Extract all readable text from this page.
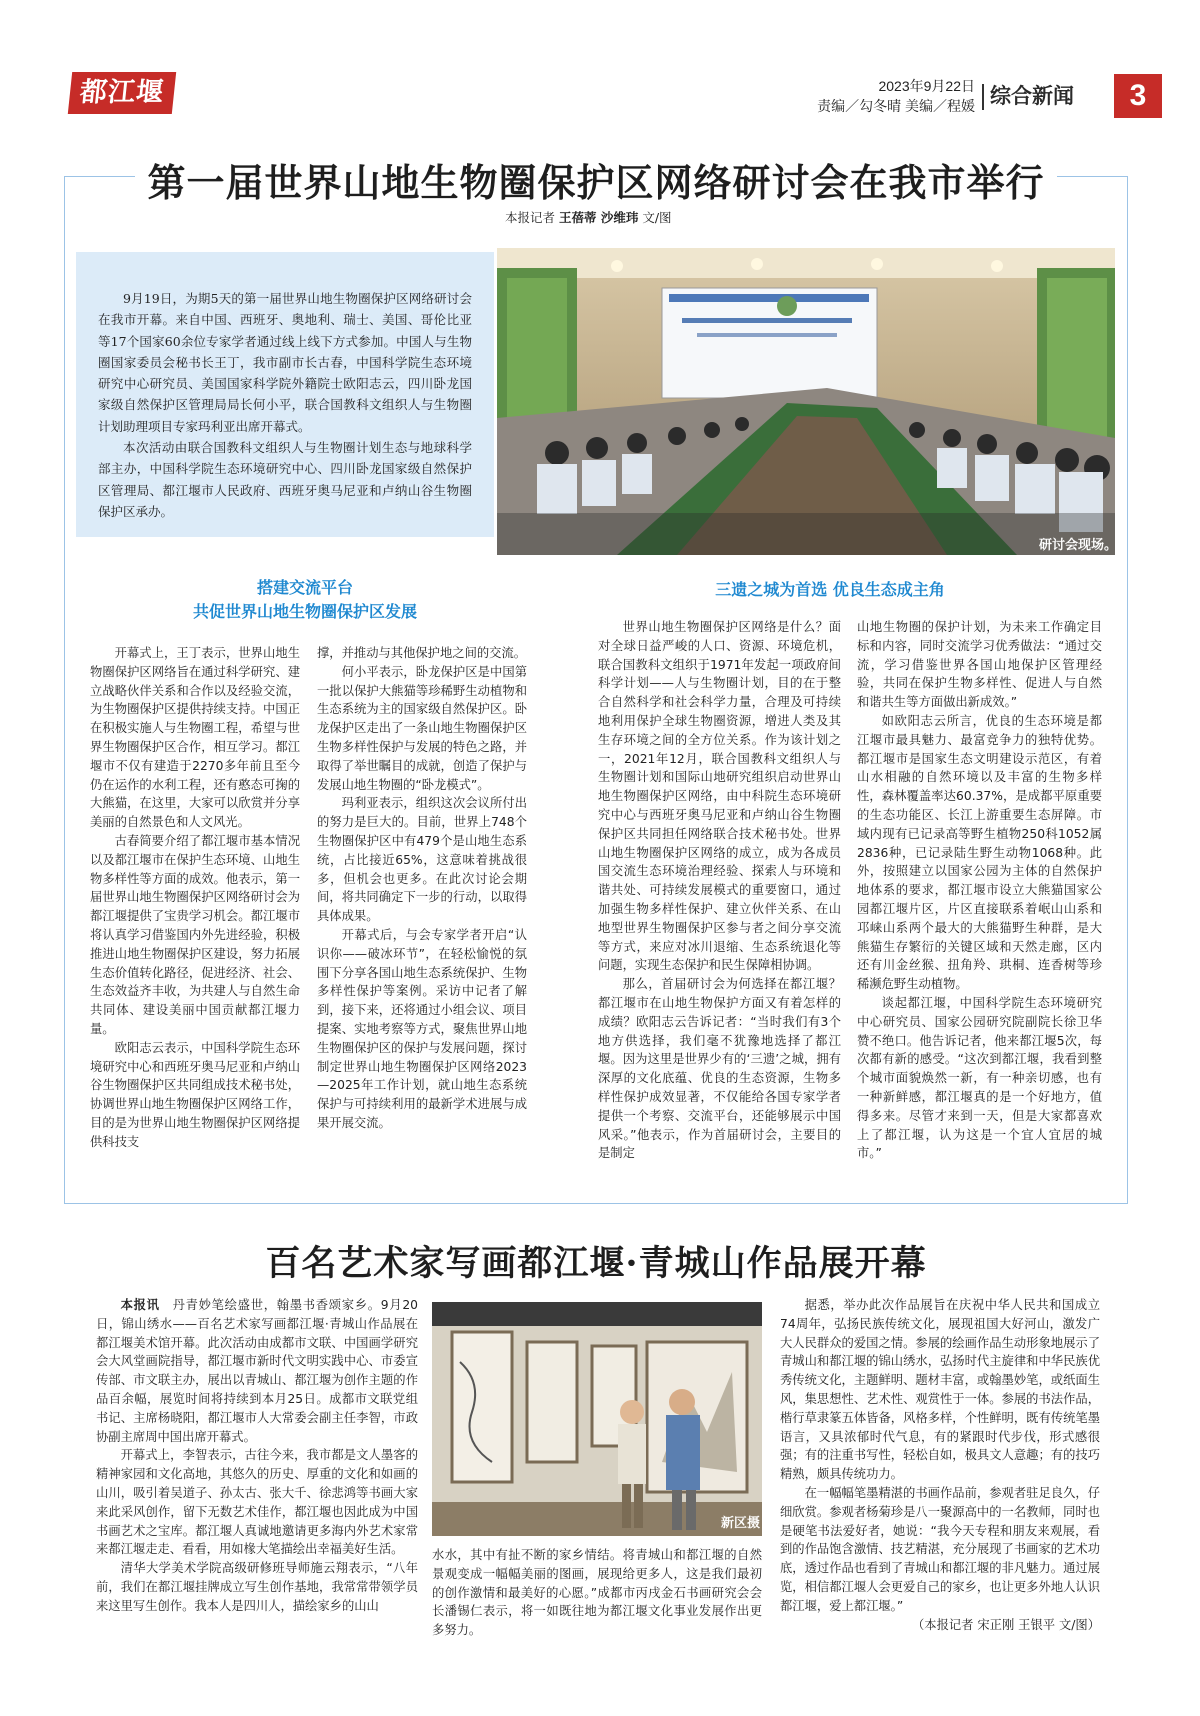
都江堰报
2023年9月22日
责编／勾冬晴 美编／程媛 综合新闻	3
第一届世界山地生物圈保护区网络研讨会在我市举行
本报记者 王蓓蒂 沙维玮 文/图

9月19日，为期5天的第一届世界山地生物圈保护区网络研讨会在我市开幕。来自中国、西班牙、奥地利、瑞士、美国、哥伦比亚等17个国家60余位专家学者通过线上线下方式参加。中国人与生物圈国家委员会秘书长王丁，我市副市长古春，中国科学院生态环境研究中心研究员、美国国家科学院外籍院士欧阳志云，四川卧龙国家级自然保护区管理局局长何小平，联合国教科文组织人与生物圈计划助理项目专家玛利亚出席开幕式。

本次活动由联合国教科文组织人与生物圈计划生态与地球科学部主办，中国科学院生态环境研究中心、四川卧龙国家级自然保护区管理局、都江堰市人民政府、西班牙奥马尼亚和卢纳山谷生物圈保护区承办。

研讨会现场。
搭建交流平台
共促世界山地生物圈保护区发展
三遗之城为首选 优良生态成主角

开幕式上，王丁表示，世界山地生物圈保护区网络旨在通过科学研究、建立战略伙伴关系和合作以及经验交流，为生物圈保护区提供持续支持。中国正在积极实施人与生物圈工程，希望与世界生物圈保护区合作，相互学习。都江堰市不仅有建造于2270多年前且至今仍在运作的水利工程，还有憨态可掬的大熊猫，在这里，大家可以欣赏并分享美丽的自然景色和人文风光。

古春简要介绍了都江堰市基本情况以及都江堰市在保护生态环境、山地生物多样性等方面的成效。他表示，第一届世界山地生物圈保护区网络研讨会为都江堰提供了宝贵学习机会。都江堰市将认真学习借鉴国内外先进经验，积极推进山地生物圈保护区建设，努力拓展生态价值转化路径，促进经济、社会、生态效益齐丰收，为共建人与自然生命共同体、建设美丽中国贡献都江堰力量。

欧阳志云表示，中国科学院生态环境研究中心和西班牙奥马尼亚和卢纳山谷生物圈保护区共同组成技术秘书处，协调世界山地生物圈保护区网络工作，目的是为世界山地生物圈保护区网络提供科技支

撑，并推动与其他保护地之间的交流。

何小平表示，卧龙保护区是中国第一批以保护大熊猫等珍稀野生动植物和生态系统为主的国家级自然保护区。卧龙保护区走出了一条山地生物圈保护区生物多样性保护与发展的特色之路，并取得了举世瞩目的成就，创造了保护与发展山地生物圈的“卧龙模式”。

玛利亚表示，组织这次会议所付出的努力是巨大的。目前，世界上748个生物圈保护区中有479个是山地生态系统，占比接近65%，这意味着挑战很多，但机会也更多。在此次讨论会期间，将共同确定下一步的行动，以取得具体成果。

开幕式后，与会专家学者开启“认识你——破冰环节”，在轻松愉悦的氛围下分享各国山地生态系统保护、生物多样性保护等案例。采访中记者了解到，接下来，还将通过小组会议、项目提案、实地考察等方式，聚焦世界山地生物圈保护区的保护与发展问题，探讨制定世界山地生物圈保护区网络2023—2025年工作计划，就山地生态系统保护与可持续利用的最新学术进展与成果开展交流。

世界山地生物圈保护区网络是什么？面对全球日益严峻的人口、资源、环境危机，联合国教科文组织于1971年发起一项政府间科学计划——人与生物圈计划，目的在于整合自然科学和社会科学力量，合理及可持续地利用保护全球生物圈资源，增进人类及其生存环境之间的全方位关系。作为该计划之一，2021年12月，联合国教科文组织人与生物圈计划和国际山地研究组织启动世界山地生物圈保护区网络，由中科院生态环境研究中心与西班牙奥马尼亚和卢纳山谷生物圈保护区共同担任网络联合技术秘书处。世界山地生物圈保护区网络的成立，成为各成员国交流生态环境治理经验、探索人与环境和谐共处、可持续发展模式的重要窗口，通过加强生物多样性保护、建立伙伴关系、在山地型世界生物圈保护区参与者之间分享交流等方式，来应对冰川退缩、生态系统退化等问题，实现生态保护和民生保障相协调。

那么，首届研讨会为何选择在都江堰？都江堰市在山地生物保护方面又有着怎样的成绩？欧阳志云告诉记者：“当时我们有3个地方供选择，我们毫不犹豫地选择了都江堰。因为这里是世界少有的‘三遗’之城，拥有深厚的文化底蕴、优良的生态资源，生物多样性保护成效显著，不仅能给各国专家学者提供一个考察、交流平台，还能够展示中国风采。”他表示，作为首届研讨会，主要目的是制定

山地生物圈的保护计划，为未来工作确定目标和内容，同时交流学习优秀做法：“通过交流，学习借鉴世界各国山地保护区管理经验，共同在保护生物多样性、促进人与自然和谐共生等方面做出新成效。”

如欧阳志云所言，优良的生态环境是都江堰市最具魅力、最富竞争力的独特优势。都江堰市是国家生态文明建设示范区，有着山水相融的自然环境以及丰富的生物多样性，森林覆盖率达60.37%，是成都平原重要的生态功能区、长江上游重要生态屏障。市域内现有已记录高等野生植物250科1052属2836种，已记录陆生野生动物1068种。此外，按照建立以国家公园为主体的自然保护地体系的要求，都江堰市设立大熊猫国家公园都江堰片区，片区直接联系着岷山山系和邛崃山系两个最大的大熊猫野生种群，是大熊猫生存繁衍的关键区域和天然走廊，区内还有川金丝猴、扭角羚、珙桐、连香树等珍稀濒危野生动植物。

谈起都江堰，中国科学院生态环境研究中心研究员、国家公园研究院副院长徐卫华赞不绝口。他告诉记者，他来都江堰5次，每次都有新的感受。“这次到都江堰，我看到整个城市面貌焕然一新，有一种亲切感，也有一种新鲜感，都江堰真的是一个好地方，值得多来。尽管才来到一天，但是大家都喜欢上了都江堰，认为这是一个宜人宜居的城市。”

百名艺术家写画都江堰·青城山作品展开幕

本报讯　 丹青妙笔绘盛世，翰墨书香颂家乡。9月20日，锦山绣水——百名艺术家写画都江堰·青城山作品展在都江堰美术馆开幕。此次活动由成都市文联、中国画学研究会大风堂画院指导，都江堰市新时代文明实践中心、市委宣传部、市文联主办，展出以青城山、都江堰为创作主题的作品百余幅，展览时间将持续到本月25日。成都市文联党组书记、主席杨晓阳，都江堰市人大常委会副主任李智，市政协副主席周中国出席开幕式。

开幕式上，李智表示，古往今来，我市都是文人墨客的精神家园和文化高地，其悠久的历史、厚重的文化和如画的山川，吸引着吴道子、孙太古、张大千、徐悲鸿等书画大家来此采风创作，留下无数艺术佳作，都江堰也因此成为中国书画艺术之宝库。都江堰人真诚地邀请更多海内外艺术家常来都江堰走走、看看，用如椽大笔描绘出幸福美好生活。

清华大学美术学院高级研修班导师施云翔表示，“八年前，我们在都江堰挂牌成立写生创作基地，我常常带领学员来这里写生创作。我本人是四川人，描绘家乡的山山

新区摄

水水，其中有扯不断的家乡情结。将青城山和都江堰的自然景观变成一幅幅美丽的图画，展现给更多人，这是我们最初的创作激情和最美好的心愿。”成都市丙戌金石书画研究会会长潘锡仁表示，将一如既往地为都江堰文化事业发展作出更多努力。

据悉，举办此次作品展旨在庆祝中华人民共和国成立74周年，弘扬民族传统文化，展现祖国大好河山，激发广大人民群众的爱国之情。参展的绘画作品生动形象地展示了青城山和都江堰的锦山绣水，弘扬时代主旋律和中华民族优秀传统文化，主题鲜明、题材丰富，或翰墨妙笔，或纸面生风，集思想性、艺术性、观赏性于一体。参展的书法作品，楷行草隶篆五体皆备，风格多样，个性鲜明，既有传统笔墨语言，又具浓郁时代气息，有的紧跟时代步伐，形式感很强；有的注重书写性，轻松自如，极具文人意趣；有的技巧精熟，颇具传统功力。

在一幅幅笔墨精湛的书画作品前，参观者驻足良久，仔细欣赏。参观者杨菊珍是八一聚源高中的一名教师，同时也是硬笔书法爱好者，她说：“我今天专程和朋友来观展，看到的作品饱含激情、技艺精湛，充分展现了书画家的艺术功底，透过作品也看到了青城山和都江堰的非凡魅力。通过展览，相信都江堰人会更爱自己的家乡，也让更多外地人认识都江堰，爱上都江堰。”

（本报记者 宋正刚 王银平 文/图）
